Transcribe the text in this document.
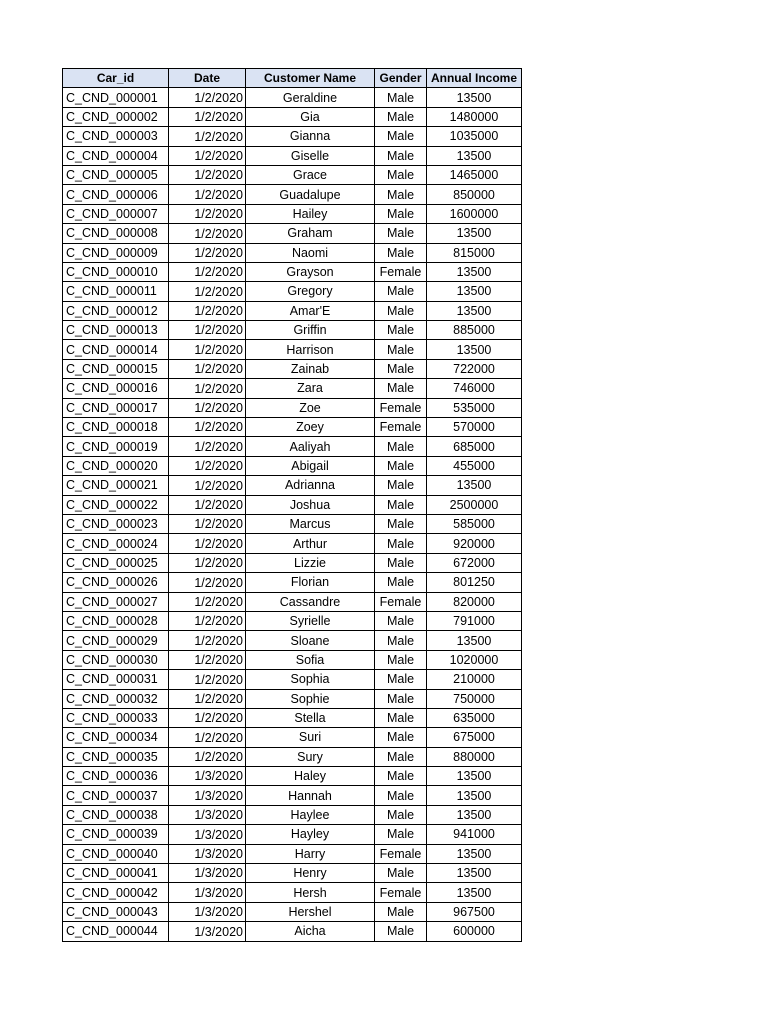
Car_id	Date	Customer Name	Gender	Annual Income
C_CND_000001	1/2/2020	Geraldine	Male	13500
C_CND_000002	1/2/2020	Gia	Male	1480000
C_CND_000003	1/2/2020	Gianna	Male	1035000
C_CND_000004	1/2/2020	Giselle	Male	13500
C_CND_000005	1/2/2020	Grace	Male	1465000
C_CND_000006	1/2/2020	Guadalupe	Male	850000
C_CND_000007	1/2/2020	Hailey	Male	1600000
C_CND_000008	1/2/2020	Graham	Male	13500
C_CND_000009	1/2/2020	Naomi	Male	815000
C_CND_000010	1/2/2020	Grayson	Female	13500
C_CND_000011	1/2/2020	Gregory	Male	13500
C_CND_000012	1/2/2020	Amar'E	Male	13500
C_CND_000013	1/2/2020	Griffin	Male	885000
C_CND_000014	1/2/2020	Harrison	Male	13500
C_CND_000015	1/2/2020	Zainab	Male	722000
C_CND_000016	1/2/2020	Zara	Male	746000
C_CND_000017	1/2/2020	Zoe	Female	535000
C_CND_000018	1/2/2020	Zoey	Female	570000
C_CND_000019	1/2/2020	Aaliyah	Male	685000
C_CND_000020	1/2/2020	Abigail	Male	455000
C_CND_000021	1/2/2020	Adrianna	Male	13500
C_CND_000022	1/2/2020	Joshua	Male	2500000
C_CND_000023	1/2/2020	Marcus	Male	585000
C_CND_000024	1/2/2020	Arthur	Male	920000
C_CND_000025	1/2/2020	Lizzie	Male	672000
C_CND_000026	1/2/2020	Florian	Male	801250
C_CND_000027	1/2/2020	Cassandre	Female	820000
C_CND_000028	1/2/2020	Syrielle	Male	791000
C_CND_000029	1/2/2020	Sloane	Male	13500
C_CND_000030	1/2/2020	Sofia	Male	1020000
C_CND_000031	1/2/2020	Sophia	Male	210000
C_CND_000032	1/2/2020	Sophie	Male	750000
C_CND_000033	1/2/2020	Stella	Male	635000
C_CND_000034	1/2/2020	Suri	Male	675000
C_CND_000035	1/2/2020	Sury	Male	880000
C_CND_000036	1/3/2020	Haley	Male	13500
C_CND_000037	1/3/2020	Hannah	Male	13500
C_CND_000038	1/3/2020	Haylee	Male	13500
C_CND_000039	1/3/2020	Hayley	Male	941000
C_CND_000040	1/3/2020	Harry	Female	13500
C_CND_000041	1/3/2020	Henry	Male	13500
C_CND_000042	1/3/2020	Hersh	Female	13500
C_CND_000043	1/3/2020	Hershel	Male	967500
C_CND_000044	1/3/2020	Aicha	Male	600000
